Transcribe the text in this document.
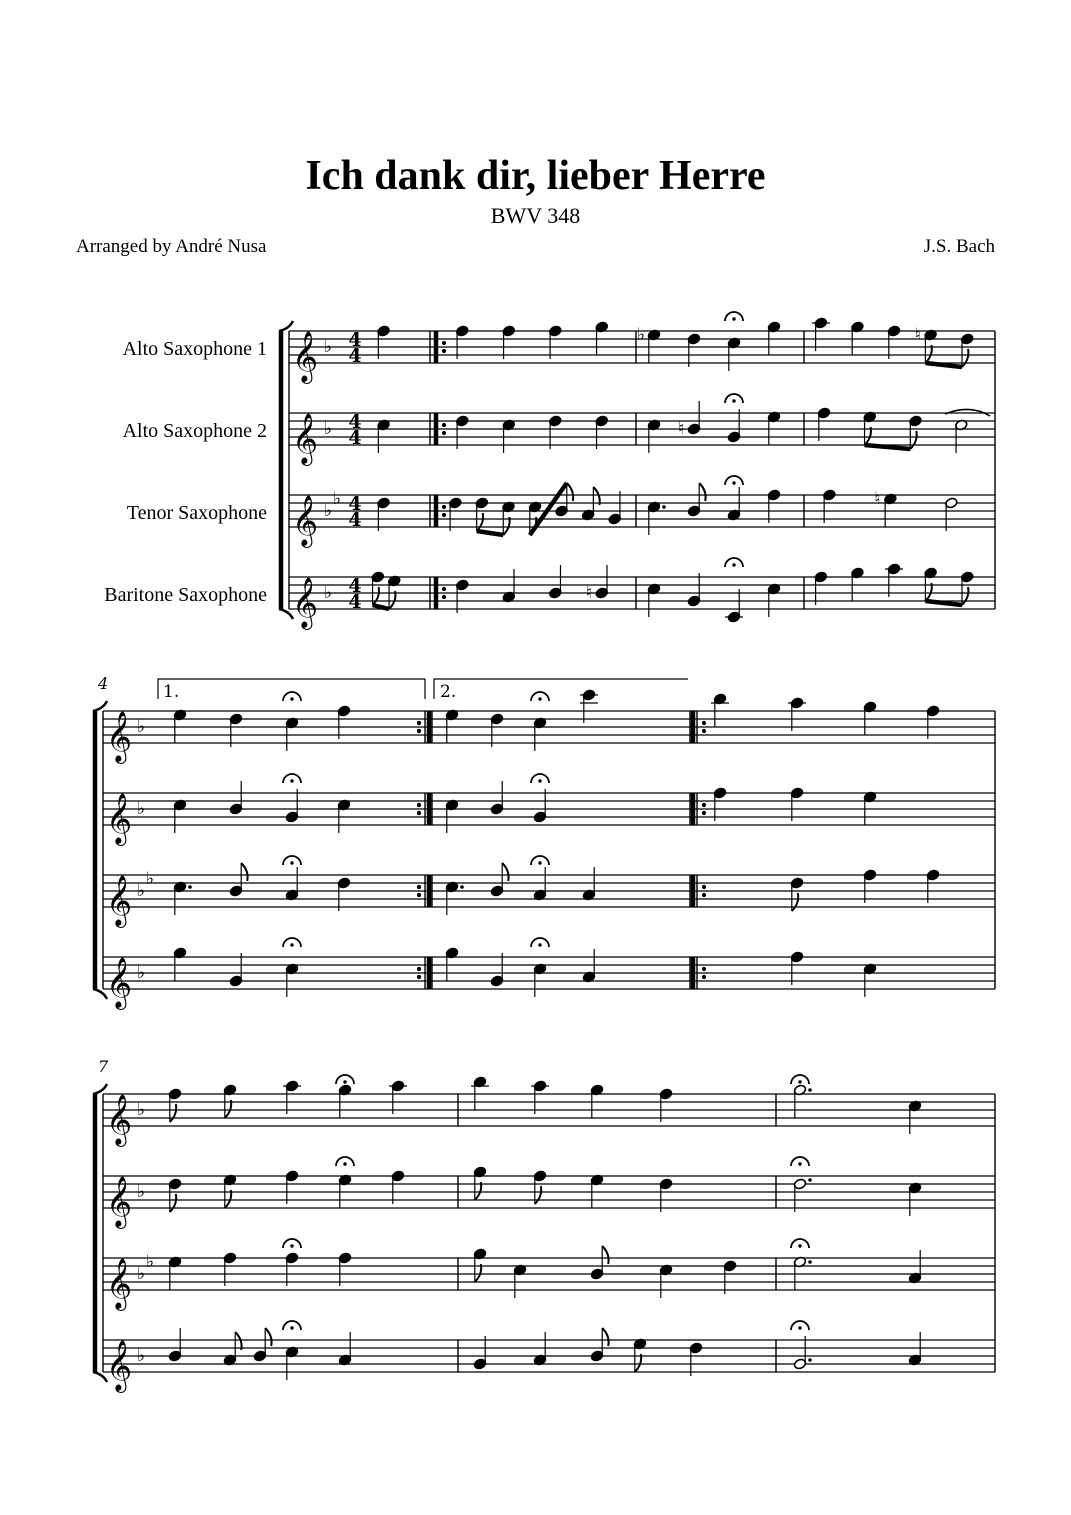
Ich dank dir, lieber Herre
BWV 348
Arranged by André Nusa	J.S. Bach
Alto Saxophone 1
Alto Saxophone 2
Tenor Saxophone
Baritone Saxophone
𝄞 ♭ 4
4
𝄞 ♭ 4
4
𝄞 ♭
♭ 4
4
𝄞 ♭ 4
4
♭	♮
♮
♮
♮
𝄞 ♭
𝄞 ♭
𝄞 ♭
♭
𝄞 ♭
𝄞 ♭
𝄞 ♭
𝄞 ♭
♭
𝄞 ♭
4
7
1.	2.
